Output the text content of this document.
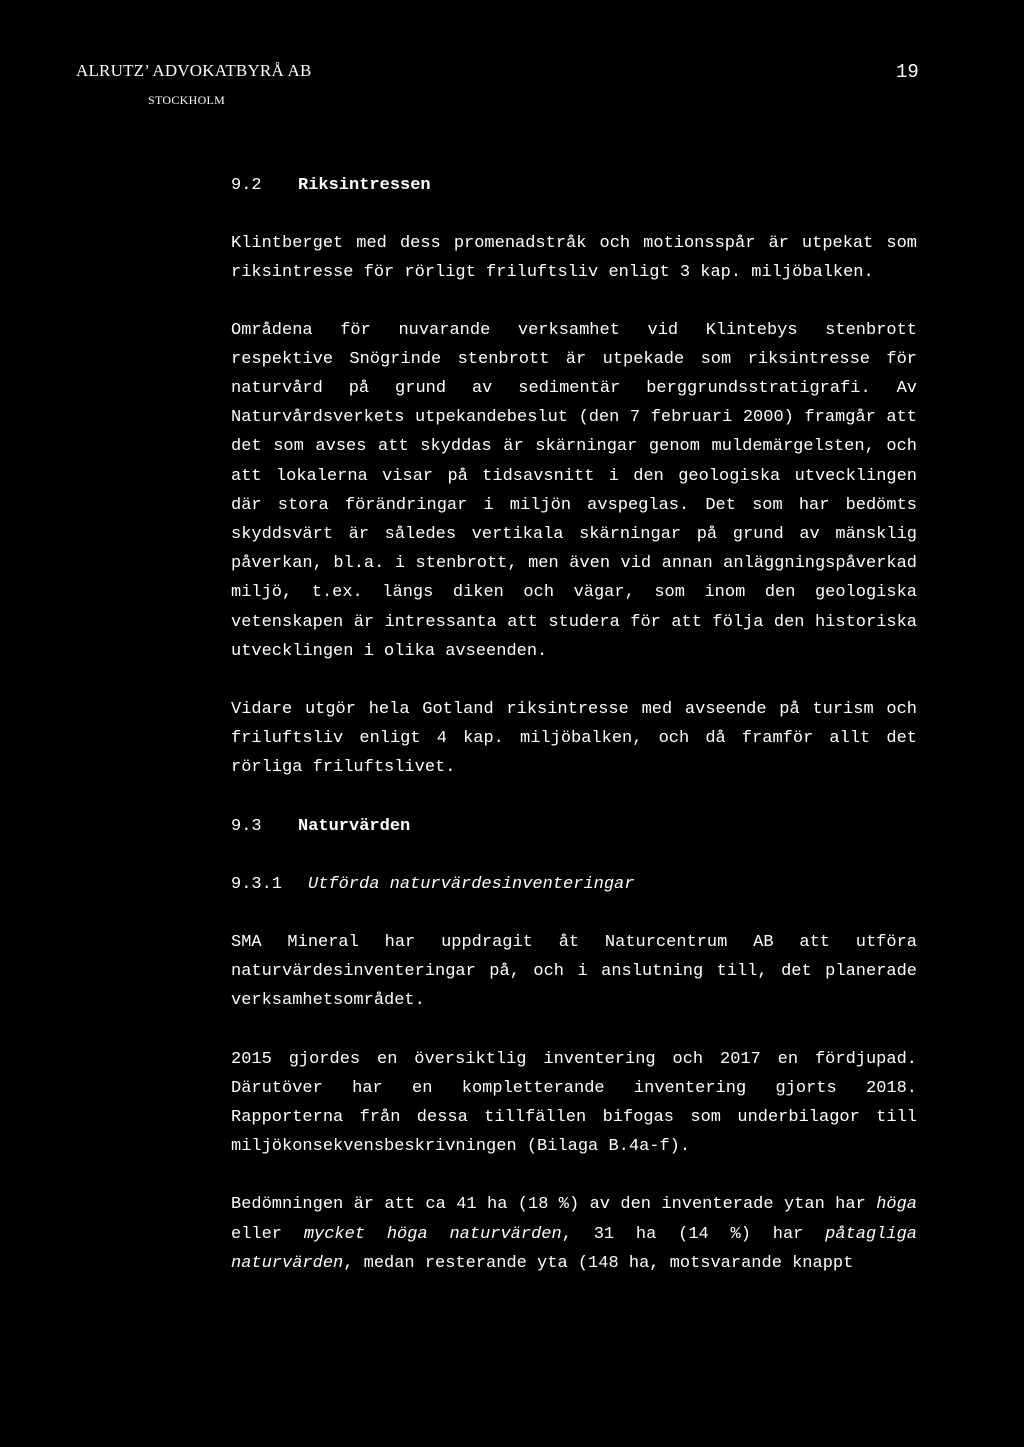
ALRUTZ’ ADVOKATBYRÅ AB
STOCKHOLM
19
9.2	Riksintressen

Klintberget med dess promenadstråk och motionsspår är utpekat som riksintresse för rörligt friluftsliv enligt 3 kap. miljöbalken.

Områdena för nuvarande verksamhet vid Klintebys stenbrott respektive Snögrinde stenbrott är utpekade som riksintresse för naturvård på grund av sedimentär berggrundsstratigrafi. Av Naturvårdsverkets utpekandebeslut (den 7 februari 2000) framgår att det som avses att skyddas är skärningar genom muldemärgelsten, och att lokalerna visar på tidsavsnitt i den geologiska utvecklingen där stora förändringar i miljön avspeglas. Det som har bedömts skyddsvärt är således vertikala skärningar på grund av mänsklig påverkan, bl.a. i stenbrott, men även vid annan anläggningspåverkad miljö, t.ex. längs diken och vägar, som inom den geologiska vetenskapen är intressanta att studera för att följa den historiska utvecklingen i olika avseenden.

Vidare utgör hela Gotland riksintresse med avseende på turism och friluftsliv enligt 4 kap. miljöbalken, och då framför allt det rörliga friluftslivet.

9.3	Naturvärden
9.3.1	Utförda naturvärdesinventeringar

SMA Mineral har uppdragit åt Naturcentrum AB att utföra naturvärdesinventeringar på, och i anslutning till, det planerade verksamhetsområdet.

2015 gjordes en översiktlig inventering och 2017 en fördjupad. Därutöver har en kompletterande inventering gjorts 2018. Rapporterna från dessa tillfällen bifogas som underbilagor till miljökonsekvensbeskrivningen (Bilaga B.4a-f).

Bedömningen är att ca 41 ha (18 %) av den inventerade ytan har höga eller mycket höga naturvärden, 31 ha (14 %) har påtagliga naturvärden, medan resterande yta (148 ha, motsvarande knappt
